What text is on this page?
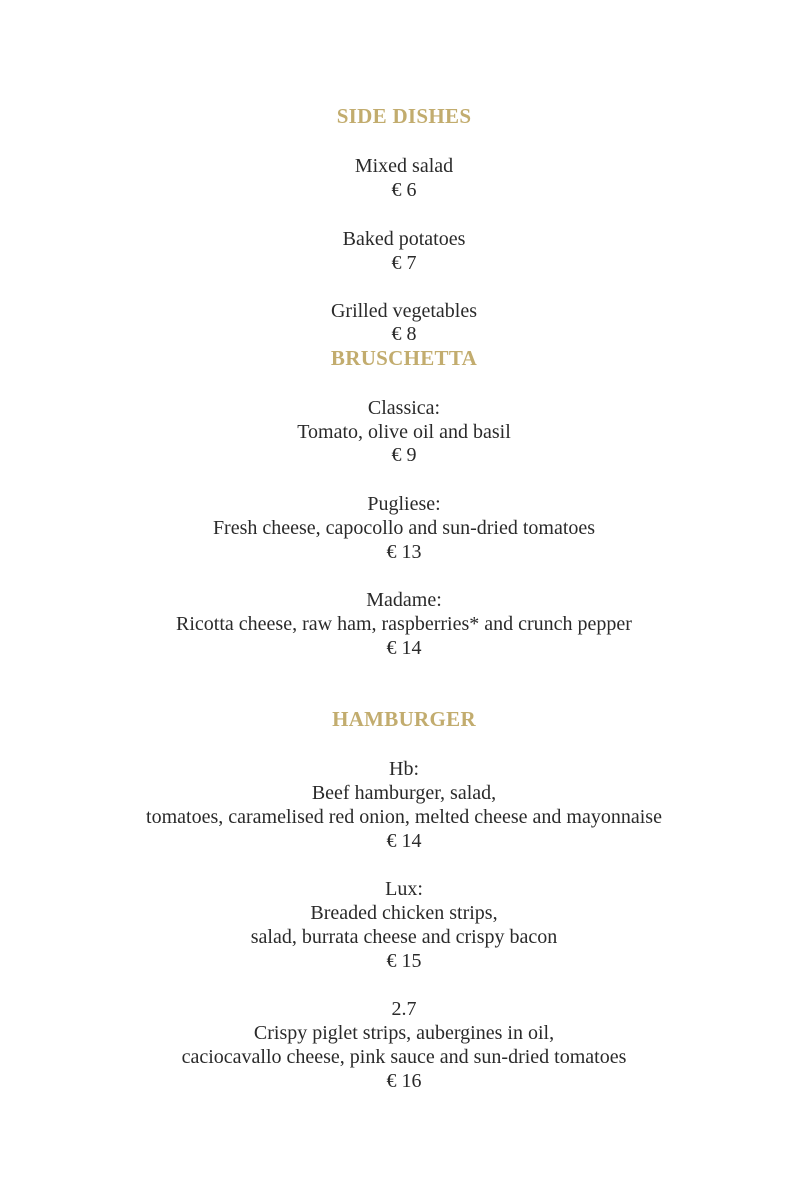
SIDE DISHES
Mixed salad
€ 6
Baked potatoes
€ 7
Grilled vegetables
€ 8
BRUSCHETTA
Classica:
Tomato, olive oil and basil
€ 9
Pugliese:
Fresh cheese, capocollo and sun-dried tomatoes
€ 13
Madame:
Ricotta cheese, raw ham, raspberries* and crunch pepper
€ 14
HAMBURGER
Hb:
Beef hamburger, salad,
tomatoes, caramelised red onion, melted cheese and mayonnaise
€ 14
Lux:
Breaded chicken strips,
salad, burrata cheese and crispy bacon
€ 15
2.7
Crispy piglet strips, aubergines in oil,
caciocavallo cheese, pink sauce and sun-dried tomatoes
€ 16
